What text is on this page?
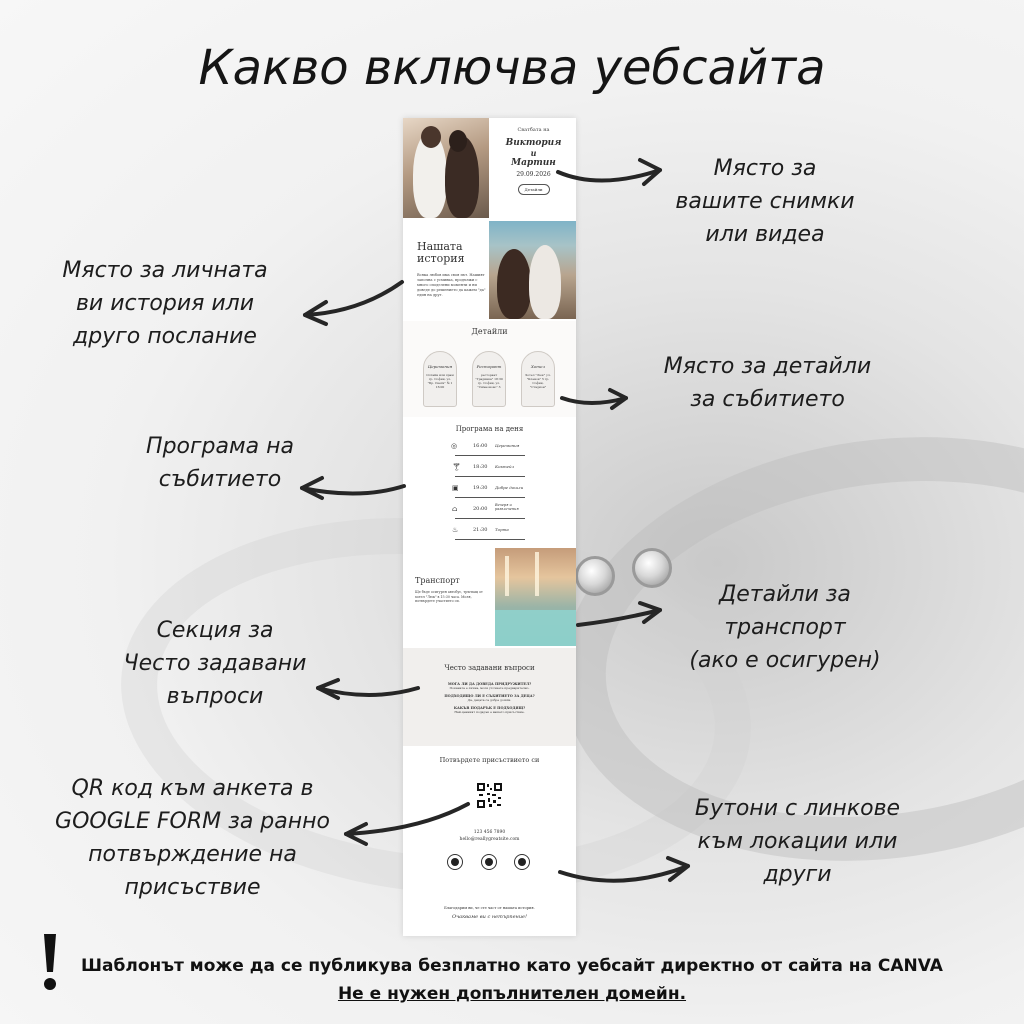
Какво включва уебсайта
Място за
вашите снимки
или видеа
Място за личната
ви история или
друго послание
Място за детайли
за събитието
Програма на
събитието
Детайли за
транспорт
(ако е осигурен)
Секция за
Често задавани
въпроси
QR код към анкета в
GOOGLE FORM за ранно
потвърждение на
присъствие
Бутони с линкове
към локации или
други
Сватбата на
Виктория
и
Мартин
29.09.2026
Детайли
Нашата история
Всяка любов има своя път. Нашият започна с усмивка, продължи с много споделени моменти и ни доведе до решението да кажем "да" един на друг.
Детайли
Церемония
Ослайн или храм гр. София, ул. "Бр. Свети" № 1 16:00
Ресторант
ресторант "Градинка" 18:30 гр. София, ул. "Симеоново" 3
Хотел
Хотел "Люк" ул. "Кленов" 5 гр. София, "Стадион"
Програма на деня
◎	16:00 Церемония
🍸︎ 18:30 Коктейл
▣	19:30 Добре дошли
⌂	20:00
Вечеря и развлечения
♨	21:30 Торта
Транспорт
Ще бъде осигурен автобус, тръгващ от хотел "Люк" в 15:30 часа. Моля, потвърдете участието си.
Често задавани въпроси
МОГА ЛИ ДА ДОВЕДА ПРИДРУЖИТЕЛ?
Поканата е лична, моля уточнете предварително.
ПОДХОДЯЩО ЛИ Е СЪБИТИЕТО ЗА ДЕЦА?
Да, децата са добре дошли.
КАКЪВ ПОДАРЪК Е ПОДХОДЯЩ?
Най-ценният подарък е вашето присъствие.
Потвърдете присъствието си
123 456 7890
hello@reallygreatsite.com
Благодарим ви, че сте част от нашата история.
Очакваме ви с нетърпение!
Шаблонът може да се публикува безплатно като уебсайт директно от сайта на CANVA
Не е нужен допълнителен домейн.
